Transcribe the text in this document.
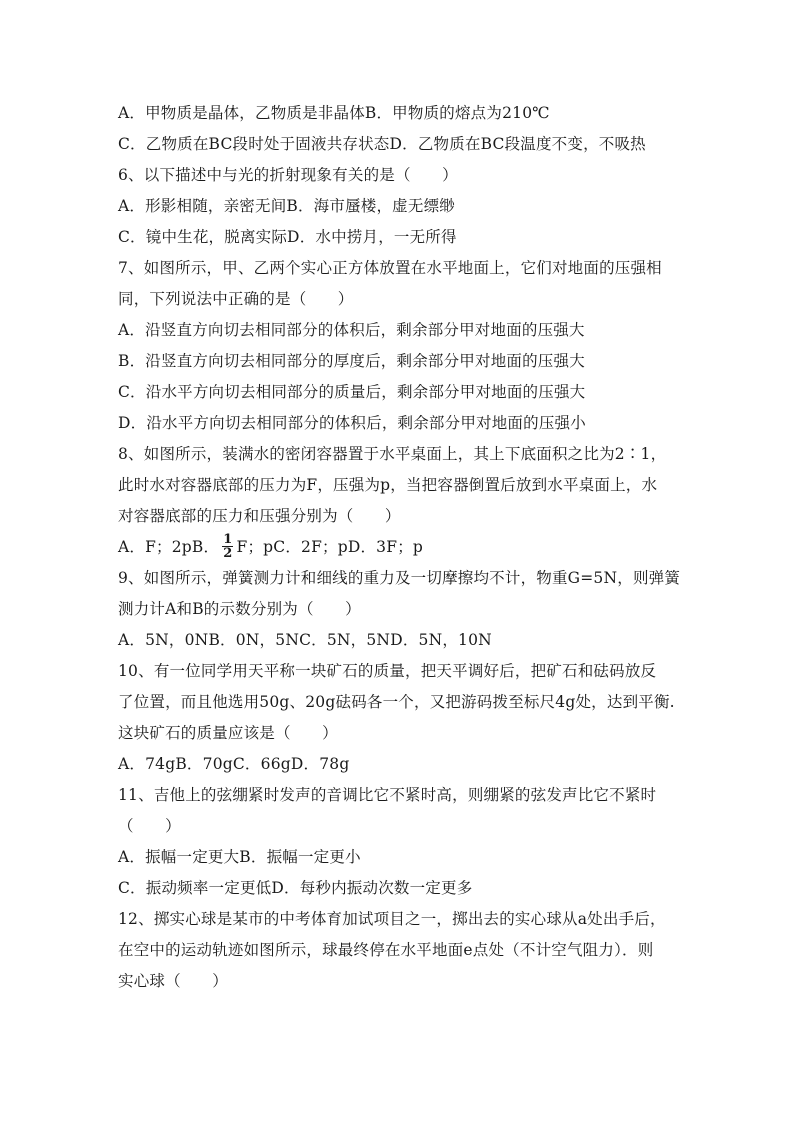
A．甲物质是晶体，乙物质是非晶体B．甲物质的熔点为210℃
C．乙物质在BC段时处于固液共存状态D．乙物质在BC段温度不变，不吸热
6、以下描述中与光的折射现象有关的是（　　）
A．形影相随，亲密无间B．海市蜃楼，虚无缥缈
C．镜中生花，脱离实际D．水中捞月，一无所得
7、如图所示，甲、乙两个实心正方体放置在水平地面上，它们对地面的压强相
同，下列说法中正确的是（　　）
A．沿竖直方向切去相同部分的体积后，剩余部分甲对地面的压强大
B．沿竖直方向切去相同部分的厚度后，剩余部分甲对地面的压强大
C．沿水平方向切去相同部分的质量后，剩余部分甲对地面的压强大
D．沿水平方向切去相同部分的体积后，剩余部分甲对地面的压强小
8、如图所示，装满水的密闭容器置于水平桌面上，其上下底面积之比为2∶1，
此时水对容器底部的压力为F，压强为p，当把容器倒置后放到水平桌面上，水
对容器底部的压力和压强分别为（　　）
A．F；2pB． $\frac{1}{2}$ F；pC．2F；pD．3F；p
9、如图所示，弹簧测力计和细线的重力及一切摩擦均不计，物重G=5N，则弹簧
测力计A和B的示数分别为（　　）
A．5N，0NB．0N，5NC．5N，5ND．5N，10N
10、有一位同学用天平称一块矿石的质量，把天平调好后，把矿石和砝码放反
了位置，而且他选用50g、20g砝码各一个，又把游码拨至标尺4g处，达到平衡.
这块矿石的质量应该是（　　）
A．74gB．70gC．66gD．78g
11、吉他上的弦绷紧时发声的音调比它不紧时高，则绷紧的弦发声比它不紧时
（　　）
A．振幅一定更大B．振幅一定更小
C．振动频率一定更低D．每秒内振动次数一定更多
12、掷实心球是某市的中考体育加试项目之一，掷出去的实心球从a处出手后，
在空中的运动轨迹如图所示，球最终停在水平地面e点处（不计空气阻力）．则
实心球（　　）
